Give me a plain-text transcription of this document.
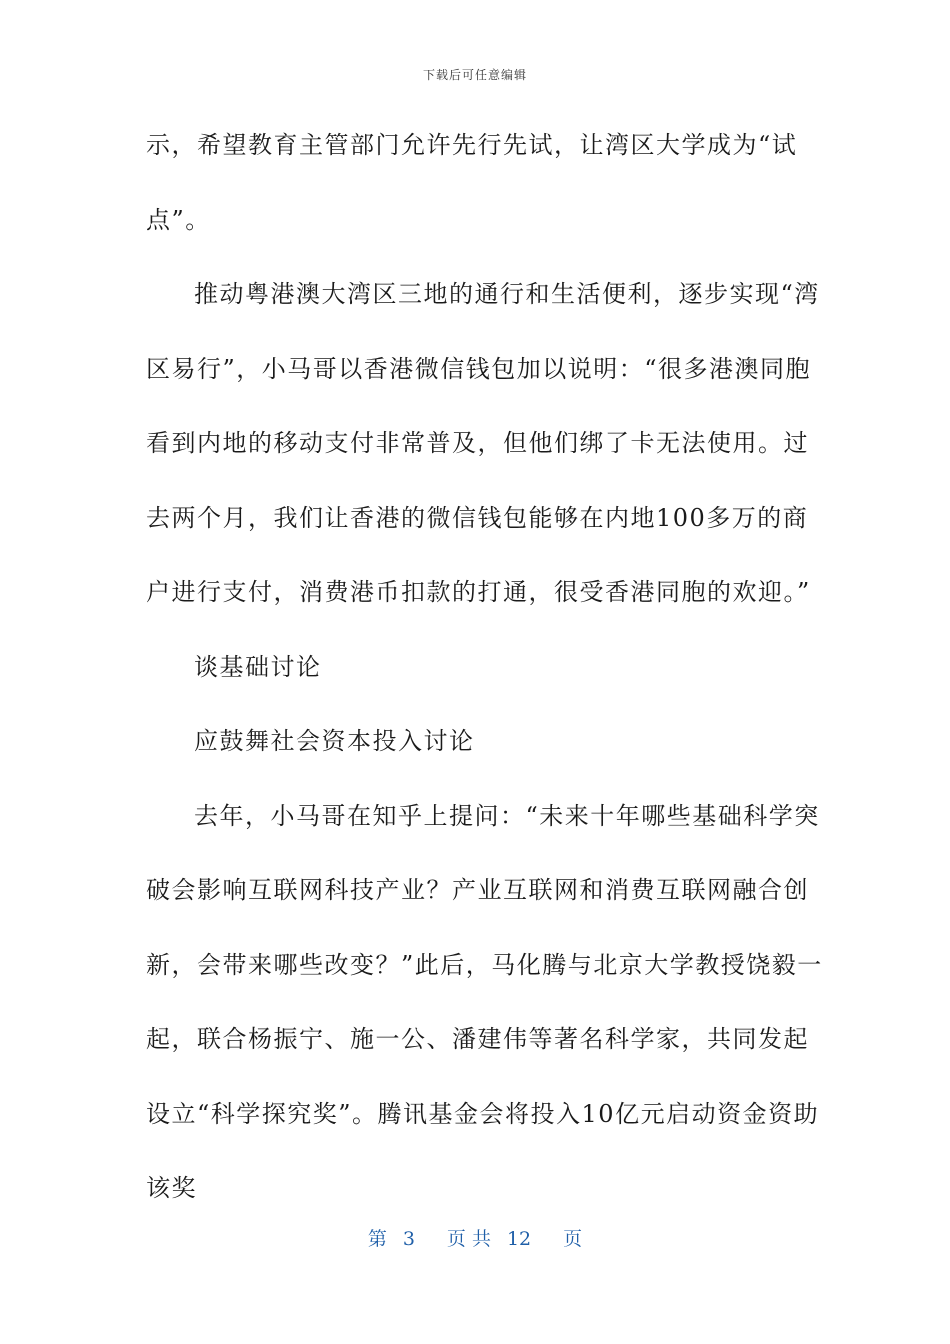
下载后可任意编辑

示，希望教育主管部门允许先行先试，让湾区大学成为“试点”。

推动粤港澳大湾区三地的通行和生活便利，逐步实现“湾区易行”，小马哥以香港微信钱包加以说明：“很多港澳同胞看到内地的移动支付非常普及，但他们绑了卡无法使用。过去两个月，我们让香港的微信钱包能够在内地100多万的商户进行支付，消费港币扣款的打通，很受香港同胞的欢迎。”

谈基础讨论

应鼓舞社会资本投入讨论

去年，小马哥在知乎上提问：“未来十年哪些基础科学突破会影响互联网科技产业？产业互联网和消费互联网融合创新，会带来哪些改变？”此后，马化腾与北京大学教授饶毅一起，联合杨振宁、施一公、潘建伟等著名科学家，共同发起设立“科学探究奖”。腾讯基金会将投入10亿元启动资金资助该奖

第 3 页 共 12 页
